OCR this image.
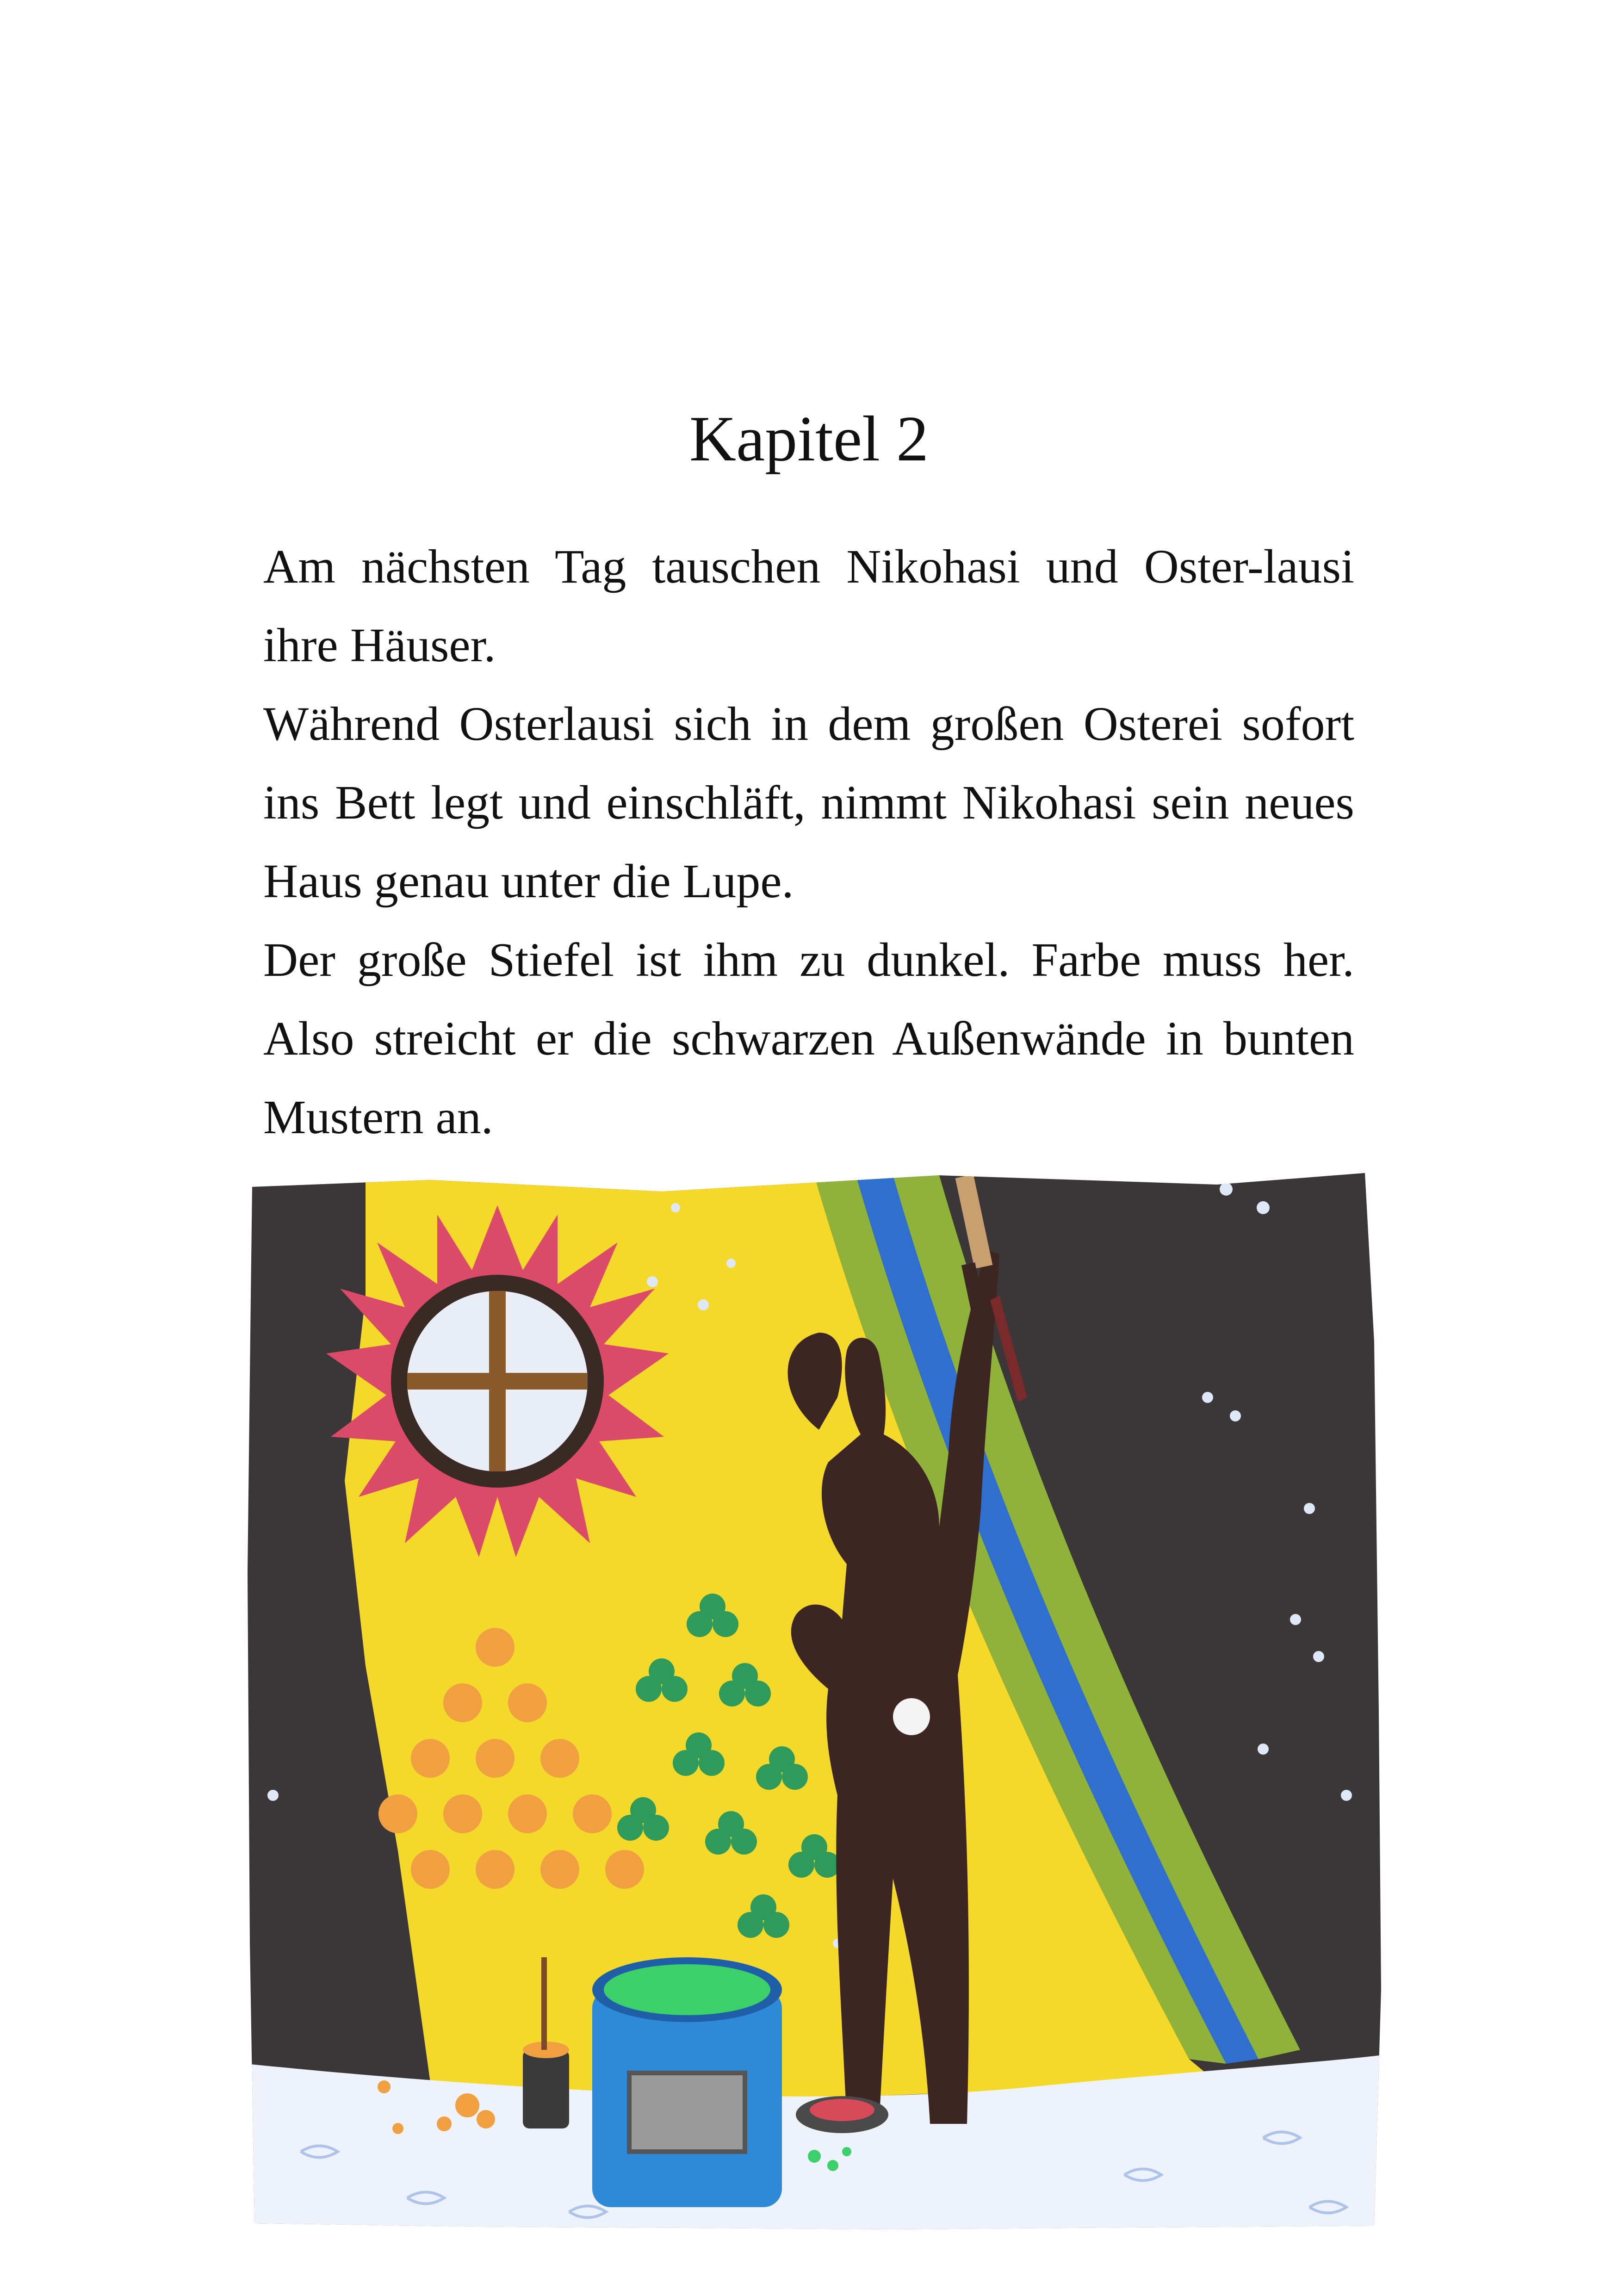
Kapitel 2

Am nächsten Tag tauschen Nikohasi und Oster-lausi ihre Häuser.

Während Osterlausi sich in dem großen Osterei sofort ins Bett legt und einschläft, nimmt Nikohasi sein neues Haus genau unter die Lupe.

Der große Stiefel ist ihm zu dunkel. Farbe muss her. Also streicht er die schwarzen Außenwände in bunten Mustern an.
